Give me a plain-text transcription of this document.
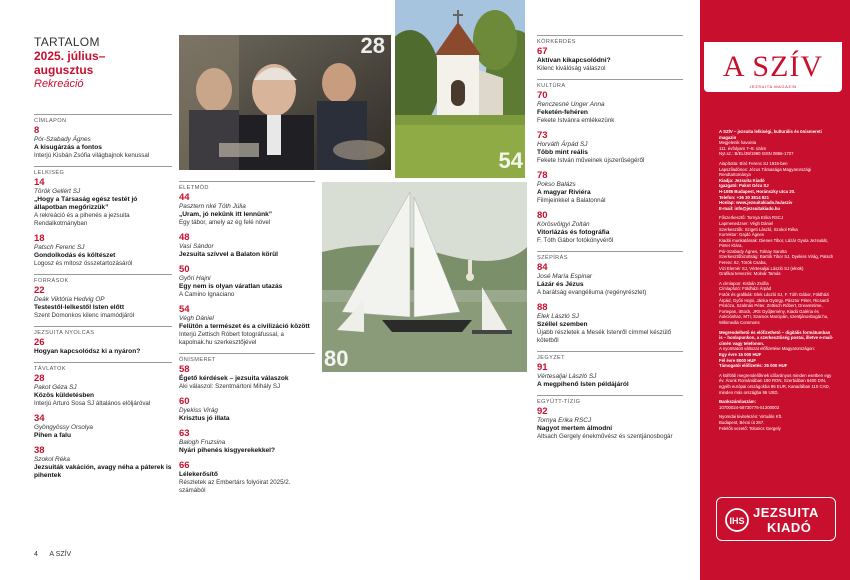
TARTALOM
2025. július–augusztus
Rekreáció
CÍMLAPON
8
Pór-Szabady Ágnes
A kisugárzás a fontos
Interjú Kisbán Zsófia világbajnok kenussal
LELKISÉG
14
Török Gellért SJ
„Hogy a Társaság egész testét jó állapotban megőrizzük”
A rekreáció és a pihenés a jezsuita Rendalkotmányban
18
Patsch Ferenc SJ
Gondolkodás és költészet
Logosz és mítosz összetartozásáról
FORRÁSOK
22
Deák Viktória Hedvig OP
Testestől-lelkestől Isten előtt
Szent Domonkos kilenc imamódjáról
JEZSUITA NYOLCAS
26
Hogyan kapcsolódsz ki a nyáron?
TÁVLATOK
28
Pakot Géza SJ
Közös küldetésben
Interjú Arturo Sosa SJ általános elöljáróval
34
Gyöngyössy Orsolya
Pihen a falu
38
Szokol Réka
Jezsuiták vakáción, avagy néha a páterek is pihentek
ÉLETMÓD
44
Pasztern nké Tóth Júlia
„Uram, jó nekünk itt lennünk”
Egy tábor, amely az ég felé növel
48
Vasi Sándor
Jezsuita szívvel a Balaton körül
50
Győri Hajni
Egy nem is olyan váratlan utazás
A Camino Ignaciano
54
Végh Dániel
Felütön a természet és a civilizáció között
Interjú Zettisch Róbert fotográfussal, a kapolnak.hu szerkesztőjével
ÖNISMERET
58
Égető kérdések – jezsuita válaszok
Aki válaszol: Szentmártoni Mihály SJ
60
Dyekiss Virág
Krisztus jó illata
63
Balogh Fruzsina
Nyári pihenés kisgyerekekkel?
66
Lélekerősítő
Részletek az Embertárs folyóirat 2025/2. számából
KÖRKÉRDÉS
67
Aktívan kikapcsolódni?
Kilenc kiválóság válaszol
KULTÚRA
70
Renczesné Unger Anna
Feketén-fehéren
Fekete Istvánra emlékezünk
73
Horváth Árpád SJ
Több mint reális
Fekete István műveinek újszerűségéről
78
Pokso Balázs
A magyar Riviéra
Filmjeinkkel a Balatonnál
80
Körösvölgyi Zoltán
Vitorlázás és fotográfia
F. Tóth Gábor fotókönyvéről
SZÉPÍRÁS
84
José María Espinar
Lázár és Jézus
A barátság evangéliuma (regényrészlet)
88
Elek László SJ
Széllel szemben
Újabb részletek a Mesék Istenről címmel készülő kötetből
JEGYZET
91
Vértesaljai László SJ
A megpihenő Isten példájáról
EGYÜTT-TÍZIG
92
Tornya Erika RSCJ
Nagyot mertem álmodni
Altsach Gergely énekművész és szentjánosbogár
28
54
80
4 A SZÍV
A SZÍV
JEZSUITA MAGAZIN
A SZÍV – jezsuita lelkiségi, kulturális és önismereti magazin
Megjelenik havonta
111. évfolyam 7–8. szám
Nyt.sz.: B/EL/39/1990 ISSN 0866-1707
Alapította: Bíró Ferenc SJ 1915-ben
Lapszíladónos: Jézus Társasága Magyarországi Rendtartománya
Kiadja: Jezsuita Kiadó
Igazgató: Pakot Géza SJ
H-1085 Budapest, Horánszky utca 20.
Telefon: +36 30 3814 821
Honlap: www.jezsuitakiado.hu/asziv
E-mail: info@jezsuitakiado.hu
Főszerkesztő: Tornya Erika RSCJ
Lapmenedzser: Végh Dániel
Szerkesztők: Szigeti László, Szokol Réka
Korrektor: Gajdó Ágnes
Kiadói munkatársak: Dienes Tibor, Lázár Gyula Jezsuitát, Pinter Klára,
Pór-Szabady Ágnes, Tolnay Sarolta
Szerkesztőbizottság: Bartók Tibor SJ, Dyekiss Virág, Patsch Ferenc SJ, Török Csaba,
Vizi Elemér SJ, Vértesaljai László SJ (elnök)
Grafikai tervezés: Molnár Tamás
A címlapon: Kisbán Zsófia
Címlapfotó: Földházi Árpád
Fotók és grafikák: Elek László SJ, F. Tóth Gábor, Földházi Árpád, Győri Hajni, Jánka György, Pásztor Péter, Ricsardi Prislóza, Szalmás Péter, Zettisch Róbert, Dreamstime, Fortepan, iStock, JRS Gyűjtemény, Kiadó Galéria és Aukcióshaz, MTI, Szamos Marcipán, szentjánosbogár.hu, Wikimedia Commons
Megrendelhető és előfizethető – digitális formátumban is – honlapunkon, a szerkesztőség postai, illetve e-mail-címén vagy telefonon.
A nyomtatott változat előfizetése Magyarországon:
Egy évre 15 000 HUF
Fél évre 8000 HUF
Támogatói előfizetés: 25 000 HUF
A külföldi megrendelőknek időarányos minden esetben egy év. Árunk Romániában 190 RON, Szerbiában 6400 DIN, egyéb európai országokba 86 EUR, Kanadában 110 CAD, minden más országba 95 USD.
Bankszámlaszám:
10700024-68730776-51200002
Nyomdai kivitelezés: Virtuális Kft.
Budapest, Bécsi út 267.
Felelős vezető: Tolonics Gergely
IHS
JEZSUITA
KIADÓ
